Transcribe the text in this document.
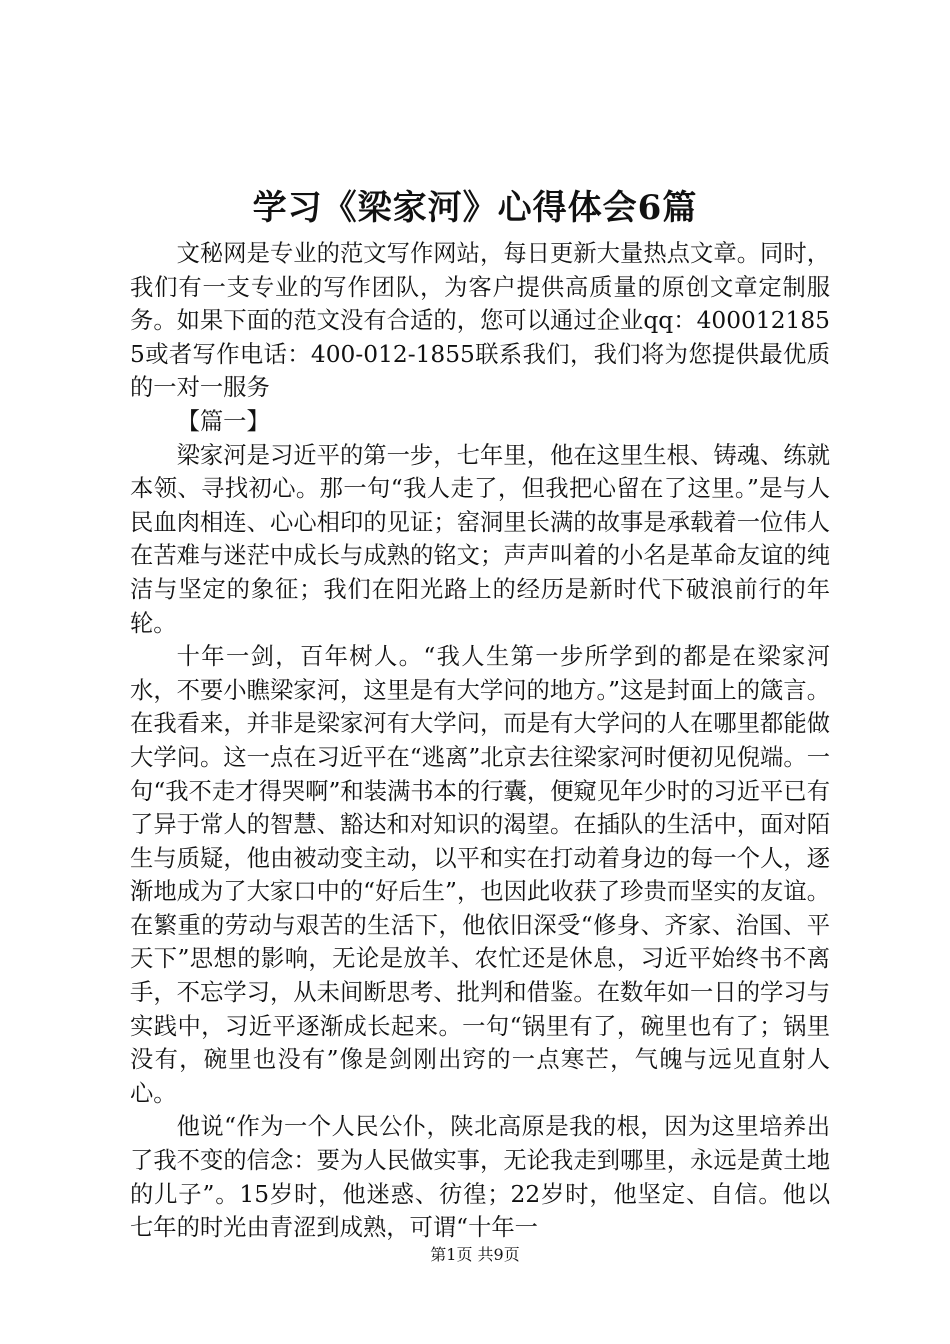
学习《梁家河》心得体会6篇

文秘网是专业的范文写作网站，每日更新大量热点文章。同时，我们有一支专业的写作团队，为客户提供高质量的原创文章定制服务。如果下面的范文没有合适的，您可以通过企业qq：4000121855或者写作电话：400-012-1855联系我们，我们将为您提供最优质的一对一服务

【篇一】

梁家河是习近平的第一步，七年里，他在这里生根、铸魂、练就本领、寻找初心。那一句“我人走了，但我把心留在了这里。”是与人民血肉相连、心心相印的见证；窑洞里长满的故事是承载着一位伟人在苦难与迷茫中成长与成熟的铭文；声声叫着的小名是革命友谊的纯洁与坚定的象征；我们在阳光路上的经历是新时代下破浪前行的年轮。

十年一剑，百年树人。“我人生第一步所学到的都是在梁家河水，不要小瞧梁家河，这里是有大学问的地方。”这是封面上的箴言。在我看来，并非是梁家河有大学问，而是有大学问的人在哪里都能做大学问。这一点在习近平在“逃离”北京去往梁家河时便初见倪端。一句“我不走才得哭啊”和装满书本的行囊，便窥见年少时的习近平已有了异于常人的智慧、豁达和对知识的渴望。在插队的生活中，面对陌生与质疑，他由被动变主动，以平和实在打动着身边的每一个人，逐渐地成为了大家口中的“好后生”，也因此收获了珍贵而坚实的友谊。在繁重的劳动与艰苦的生活下，他依旧深受“修身、齐家、治国、平天下”思想的影响，无论是放羊、农忙还是休息，习近平始终书不离手，不忘学习，从未间断思考、批判和借鉴。在数年如一日的学习与实践中，习近平逐渐成长起来。一句“锅里有了，碗里也有了；锅里没有，碗里也没有”像是剑刚出窍的一点寒芒，气魄与远见直射人心。

他说“作为一个人民公仆，陕北高原是我的根，因为这里培养出了我不变的信念：要为人民做实事，无论我走到哪里，永远是黄土地的儿子”。15岁时，他迷惑、彷徨；22岁时，他坚定、自信。他以七年的时光由青涩到成熟，可谓“十年一

第1页 共9页
